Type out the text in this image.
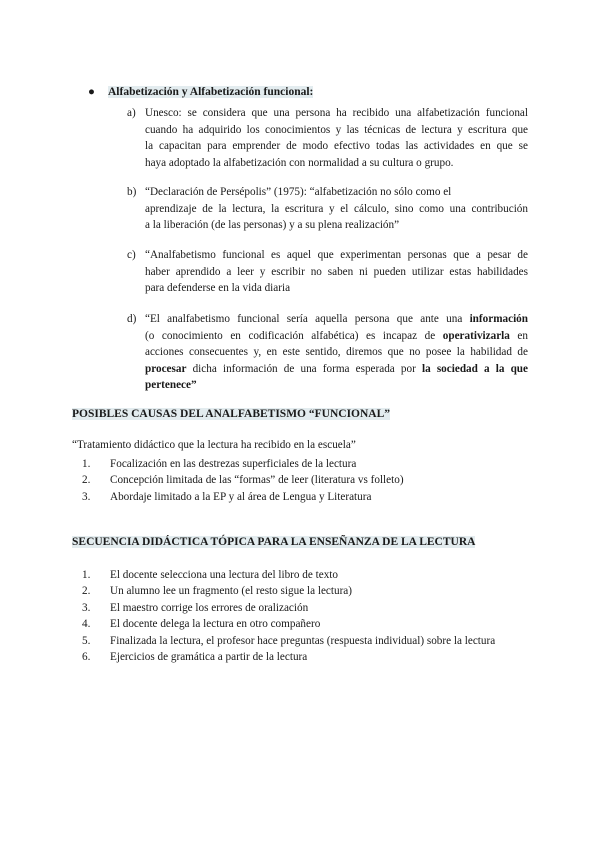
● Alfabetización y Alfabetización funcional:
a) Unesco: se considera que una persona ha recibido una alfabetización funcional
cuando ha adquirido los conocimientos y las técnicas de lectura y escritura que
la capacitan para emprender de modo efectivo todas las actividades en que se
haya adoptado la alfabetización con normalidad a su cultura o grupo.
b) “Declaración de Persépolis” (1975): “alfabetización no sólo como el
aprendizaje de la lectura, la escritura y el cálculo, sino como una contribución
a la liberación (de las personas) y a su plena realización”
c) “Analfabetismo funcional es aquel que experimentan personas que a pesar de
haber aprendido a leer y escribir no saben ni pueden utilizar estas habilidades
para defenderse en la vida diaria
d) “El analfabetismo funcional sería aquella persona que ante una información
(o conocimiento en codificación alfabética) es incapaz de operativizarla en
acciones consecuentes y, en este sentido, diremos que no posee la habilidad de
procesar dicha información de una forma esperada por la sociedad a la que
pertenece”
POSIBLES CAUSAS DEL ANALFABETISMO “FUNCIONAL”
“Tratamiento didáctico que la lectura ha recibido en la escuela”
1. Focalización en las destrezas superficiales de la lectura
2. Concepción limitada de las “formas” de leer (literatura vs folleto)
3. Abordaje limitado a la EP y al área de Lengua y Literatura
SECUENCIA DIDÁCTICA TÓPICA PARA LA ENSEÑANZA DE LA LECTURA
1. El docente selecciona una lectura del libro de texto
2. Un alumno lee un fragmento (el resto sigue la lectura)
3. El maestro corrige los errores de oralización
4. El docente delega la lectura en otro compañero
5. Finalizada la lectura, el profesor hace preguntas (respuesta individual) sobre la lectura
6. Ejercicios de gramática a partir de la lectura
